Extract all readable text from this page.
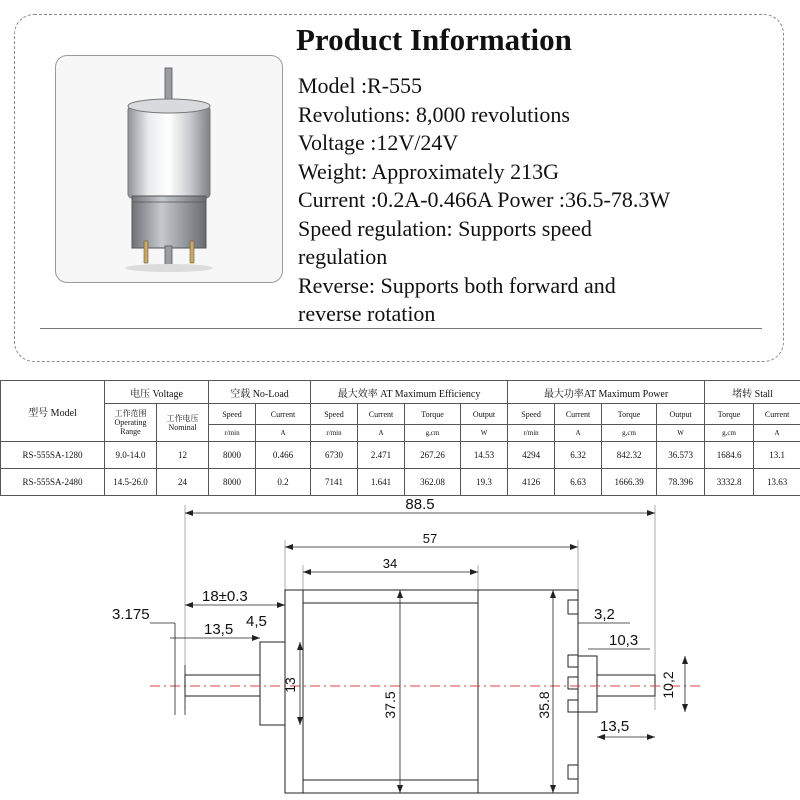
Product Information
Model :R-555
Revolutions: 8,000 revolutions
Voltage :12V/24V
Weight: Approximately 213G
Current :0.2A-0.466A Power :36.5-78.3W
Speed regulation: Supports speed
regulation
Reverse: Supports both forward and
reverse rotation
型号 Model	电压 Voltage		空载 No-Load		最大效率 AT Maximum Efficiency				最大功率AT Maximum Power				堵转 Stall	
	工作范围
Operating
Range	工作电压
Nominal	Speed	Current	Speed	Current	Torque	Output	Speed	Current	Torque	Output	Torque	Current
			r/min	A	r/min	A	g,cm	W	r/min	A	g,cm	W	g,cm	A
RS-555SA-1280	9.0-14.0	12	8000	0.466	6730	2.471	267.26	14.53	4294	6.32	842.32	36.573	1684.6	13.1
RS-555SA-2480	14.5-26.0	24	8000	0.2	7141	1.641	362.08	19.3	4126	6.63	1666.39	78.396	3332.8	13.63
88.5
57
34
18±0.3
3.175
13,5 4,5
13
37.5	35.8
3,2
10,3
10,2
13,5
